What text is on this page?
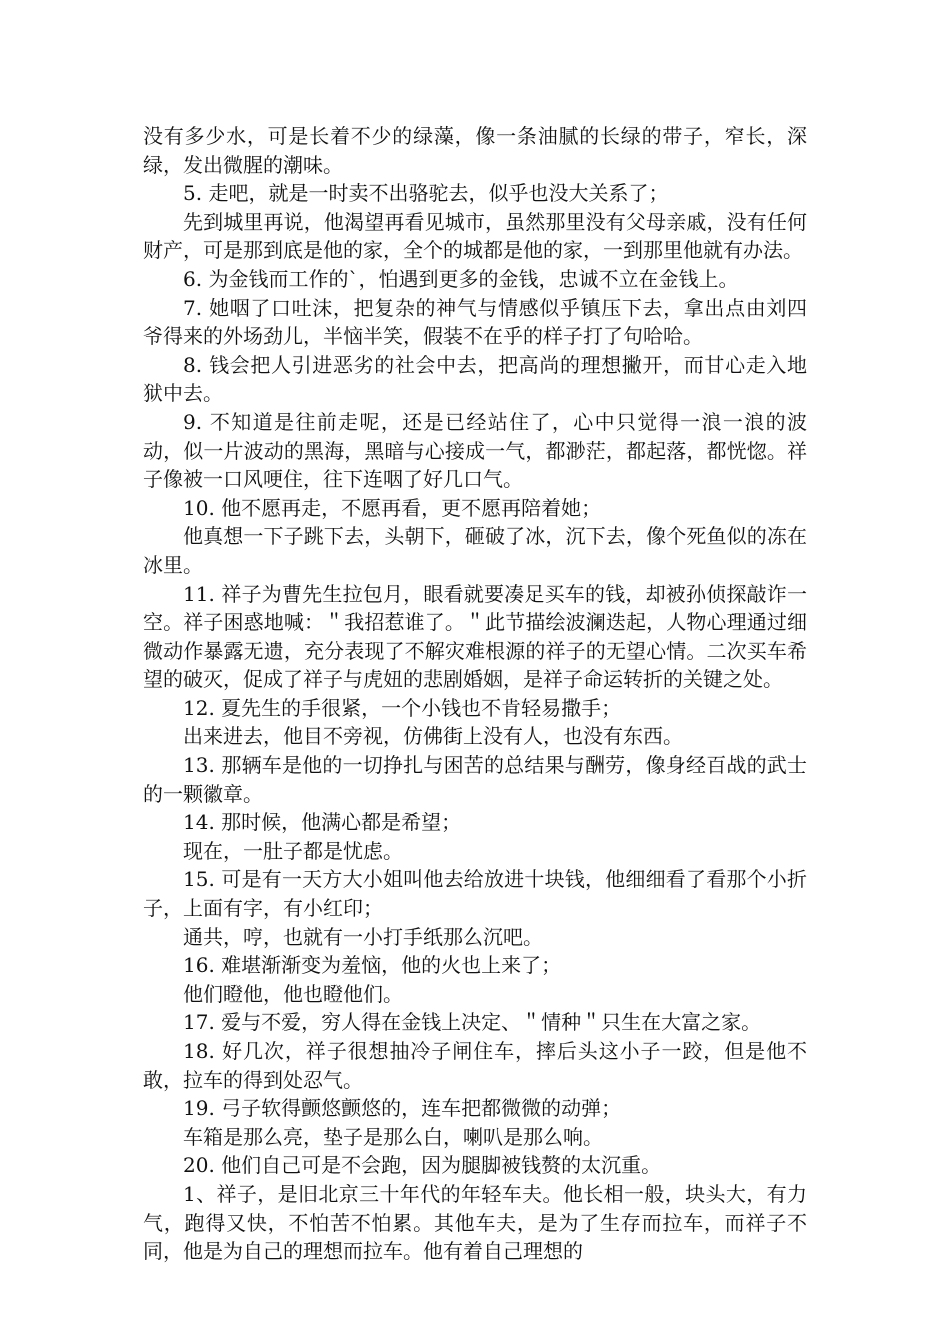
没有多少水，可是长着不少的绿藻，像一条油腻的长绿的带子，窄长，深绿，发出微腥的潮味。

5. 走吧，就是一时卖不出骆驼去，似乎也没大关系了；

先到城里再说，他渴望再看见城市，虽然那里没有父母亲戚，没有任何财产，可是那到底是他的家，全个的城都是他的家，一到那里他就有办法。

6. 为金钱而工作的`，怕遇到更多的金钱，忠诚不立在金钱上。

7. 她咽了口吐沫，把复杂的神气与情感似乎镇压下去，拿出点由刘四爷得来的外场劲儿，半恼半笑，假装不在乎的样子打了句哈哈。

8. 钱会把人引进恶劣的社会中去，把高尚的理想撇开，而甘心走入地狱中去。

9. 不知道是往前走呢，还是已经站住了，心中只觉得一浪一浪的波动，似一片波动的黑海，黑暗与心接成一气，都渺茫，都起落，都恍惚。祥子像被一口风哽住，往下连咽了好几口气。

10. 他不愿再走，不愿再看，更不愿再陪着她；

他真想一下子跳下去，头朝下，砸破了冰，沉下去，像个死鱼似的冻在冰里。

11. 祥子为曹先生拉包月，眼看就要凑足买车的钱，却被孙侦探敲诈一空。祥子困惑地喊：＂我招惹谁了。＂此节描绘波澜迭起，人物心理通过细微动作暴露无遗，充分表现了不解灾难根源的祥子的无望心情。二次买车希望的破灭，促成了祥子与虎妞的悲剧婚姻，是祥子命运转折的关键之处。

12. 夏先生的手很紧，一个小钱也不肯轻易撒手；

出来进去，他目不旁视，仿佛街上没有人，也没有东西。

13. 那辆车是他的一切挣扎与困苦的总结果与酬劳，像身经百战的武士的一颗徽章。

14. 那时候，他满心都是希望；

现在，一肚子都是忧虑。

15. 可是有一天方大小姐叫他去给放进十块钱，他细细看了看那个小折子，上面有字，有小红印；

通共，哼，也就有一小打手纸那么沉吧。

16. 难堪渐渐变为羞恼，他的火也上来了；

他们瞪他，他也瞪他们。

17. 爱与不爱，穷人得在金钱上决定、＂情种＂只生在大富之家。

18. 好几次，祥子很想抽冷子闸住车，摔后头这小子一跤，但是他不敢，拉车的得到处忍气。

19. 弓子软得颤悠颤悠的，连车把都微微的动弹；

车箱是那么亮，垫子是那么白，喇叭是那么响。

20. 他们自己可是不会跑，因为腿脚被钱赘的太沉重。

1、祥子，是旧北京三十年代的年轻车夫。他长相一般，块头大，有力气，跑得又快，不怕苦不怕累。其他车夫，是为了生存而拉车，而祥子不同，他是为自己的理想而拉车。他有着自己理想的
